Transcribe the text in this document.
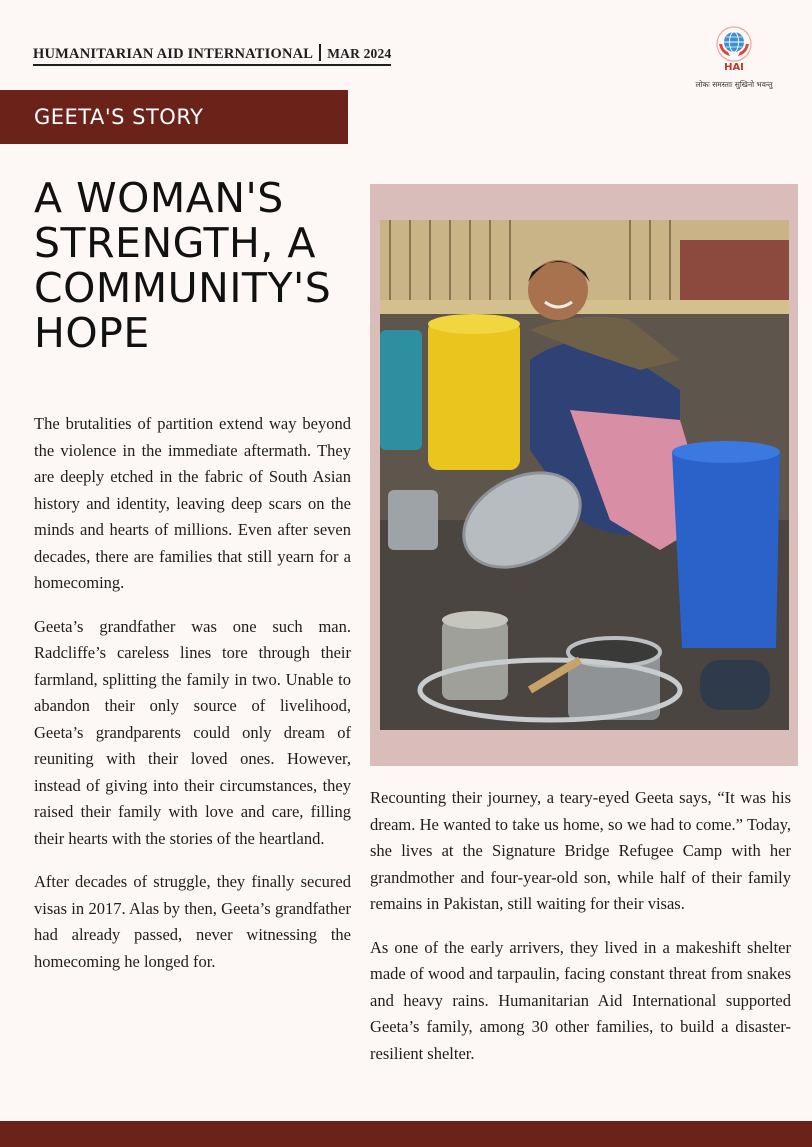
HUMANITARIAN AID INTERNATIONAL MAR 2024
HAI
लोकः समस्ताः सुखिनो भवन्तु
GEETA'S STORY
A WOMAN'S
STRENGTH, A
COMMUNITY'S
HOPE

The brutalities of partition extend way beyond the violence in the immediate aftermath. They are deeply etched in the fabric of South Asian history and identity, leaving deep scars on the minds and hearts of millions. Even after seven decades, there are families that still yearn for a homecoming.

Geeta’s grandfather was one such man. Radcliffe’s careless lines tore through their farmland, splitting the family in two. Unable to abandon their only source of livelihood, Geeta’s grandparents could only dream of reuniting with their loved ones. However, instead of giving into their circumstances, they raised their family with love and care, filling their hearts with the stories of the heartland.

After decades of struggle, they finally secured visas in 2017. Alas by then, Geeta’s grandfather had already passed, never witnessing the homecoming he longed for.

Recounting their journey, a teary-eyed Geeta says, “It was his dream. He wanted to take us home, so we had to come.” Today, she lives at the Signature Bridge Refugee Camp with her grandmother and four-year-old son, while half of their family remains in Pakistan, still waiting for their visas.

As one of the early arrivers, they lived in a makeshift shelter made of wood and tarpaulin, facing constant threat from snakes and heavy rains. Humanitarian Aid International supported Geeta’s family, among 30 other families, to build a disaster-resilient shelter.
